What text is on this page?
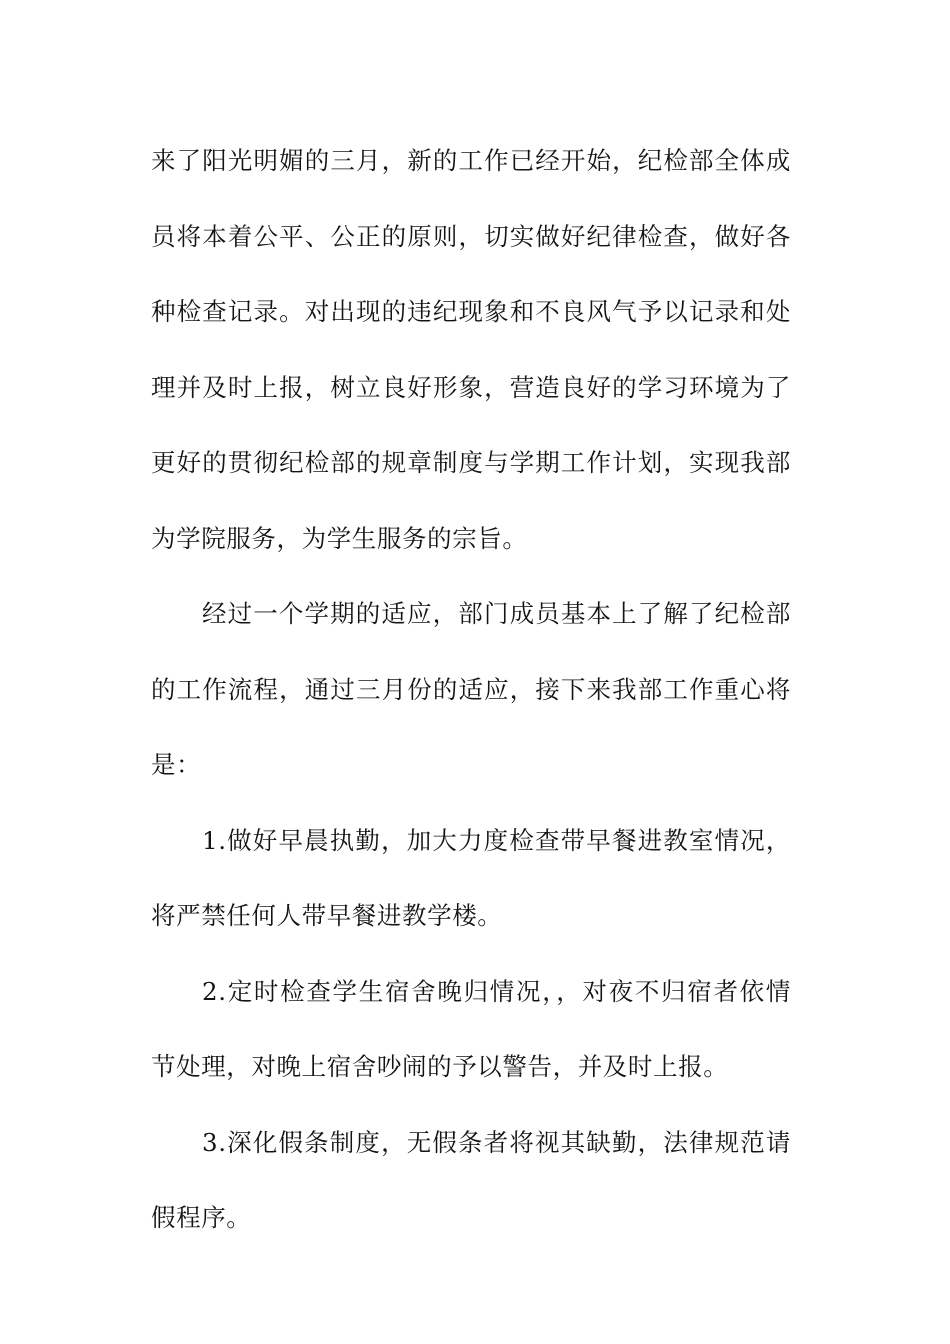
来了阳光明媚的三月，新的工作已经开始，纪检部全体成员将本着公平、公正的原则，切实做好纪律检查，做好各种检查记录。对出现的违纪现象和不良风气予以记录和处理并及时上报，树立良好形象，营造良好的学习环境为了更好的贯彻纪检部的规章制度与学期工作计划，实现我部为学院服务，为学生服务的宗旨。

经过一个学期的适应，部门成员基本上了解了纪检部的工作流程，通过三月份的适应，接下来我部工作重心将是：

1.做好早晨执勤，加大力度检查带早餐进教室情况，将严禁任何人带早餐进教学楼。

2.定时检查学生宿舍晚归情况，，对夜不归宿者依情节处理，对晚上宿舍吵闹的予以警告，并及时上报。

3.深化假条制度，无假条者将视其缺勤，法律规范请假程序。
